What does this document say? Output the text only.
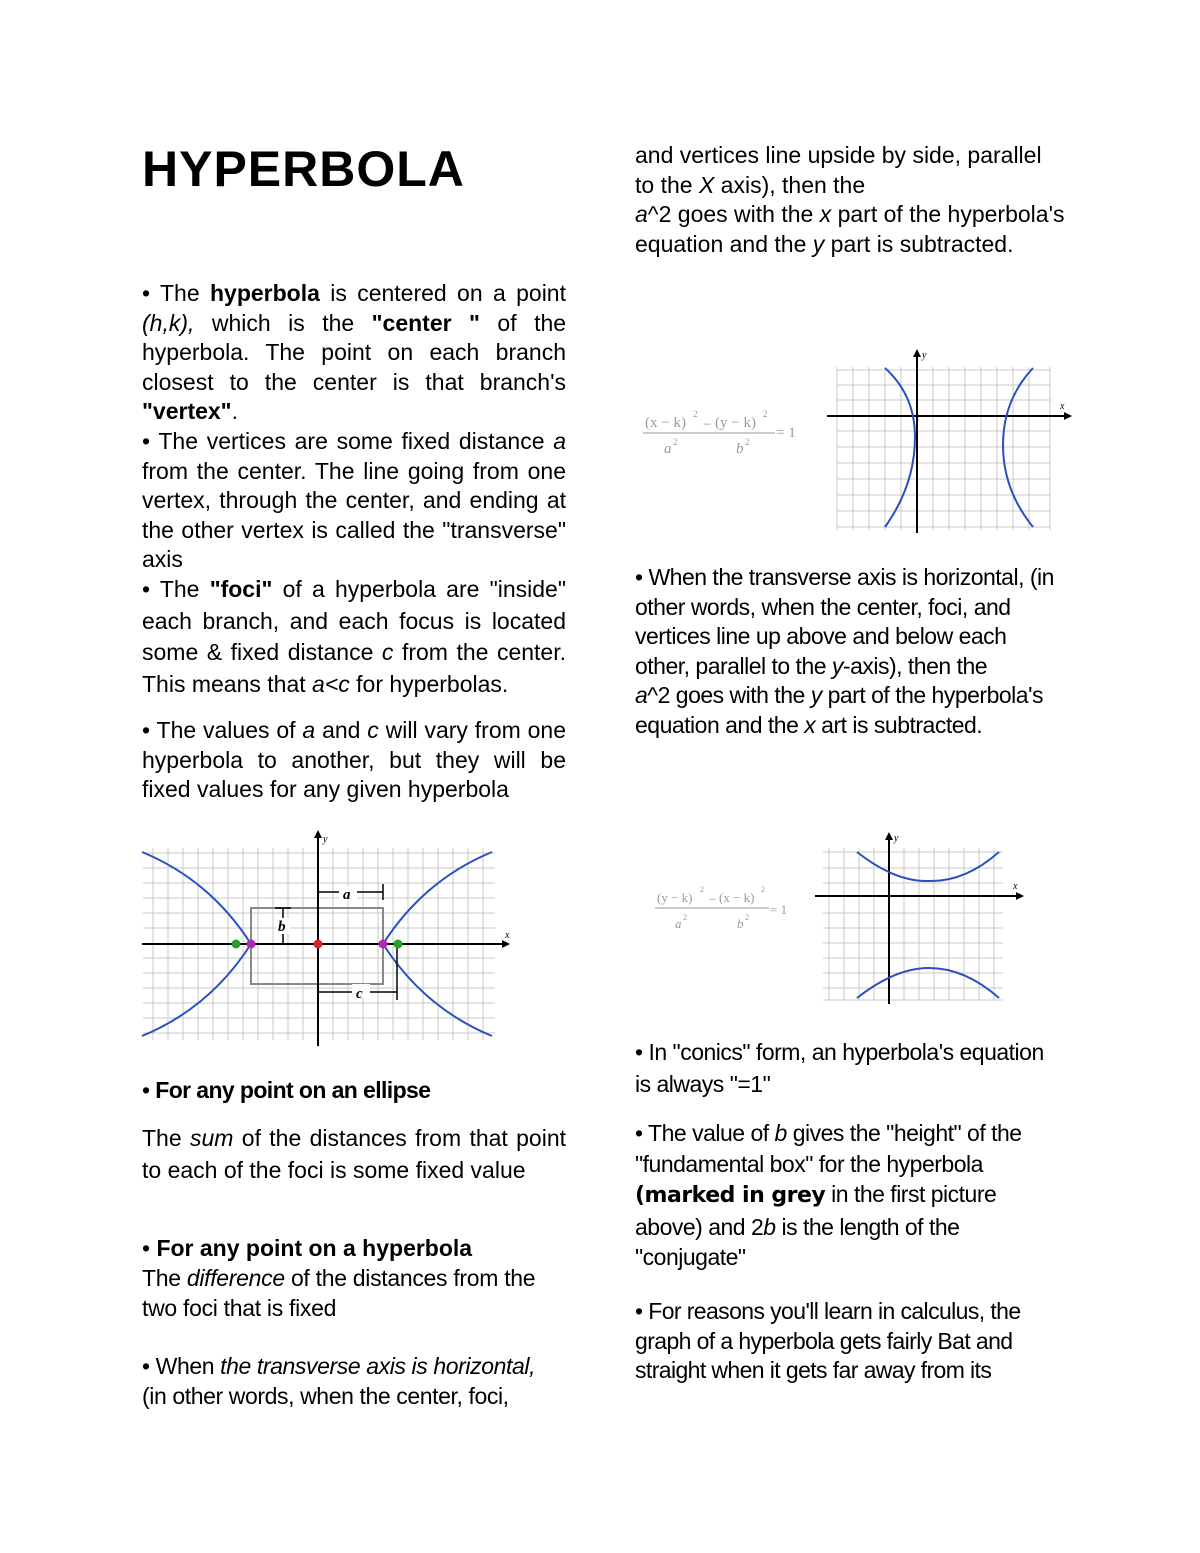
HYPERBOLA

• The hyperbola is centered on a point (h,k), which is the "center " of the hyperbola. The point on each branch closest to the center is that branch's "vertex".

• The vertices are some fixed distance a from the center. The line going from one vertex, through the center, and ending at the other vertex is called the "transverse" axis

• The "foci" of a hyperbola are "inside" each branch, and each focus is located some & fixed distance c from the center. This means that a<c for hyperbolas.

• The values of a and c will vary from one hyperbola to another, but they will be fixed values for any given hyperbola

x
y
a
b
c

• For any point on an ellipse

The sum of the distances from that point to each of the foci is some fixed value

• For any point on a hyperbola

The difference of the distances from the two foci that is fixed

• When the transverse axis is horizontal,
(in other words, when the center, foci,

and vertices line upside by side, parallel to the X axis), then the
a^2 goes with the x part of the hyperbola's equation and the y part is subtracted.

(x − k)
2
− (y − k)
2
a 2	b 2
= 1
x
y

• When the transverse axis is horizontal, (in other words, when the center, foci, and vertices line up above and below each other, parallel to the y-axis), then the
a^2 goes with the y part of the hyperbola's equation and the x art is subtracted.

(y − k)
2
− (x − k)
2
a 2	b 2
= 1
x
y

• In "conics" form, an hyperbola's equation is always "=1"

• The value of b gives the "height" of the "fundamental box" for the hyperbola (marked in grey in the first picture above) and 2b is the length of the "conjugate"

• For reasons you'll learn in calculus, the graph of a hyperbola gets fairly Bat and straight when it gets far away from its
